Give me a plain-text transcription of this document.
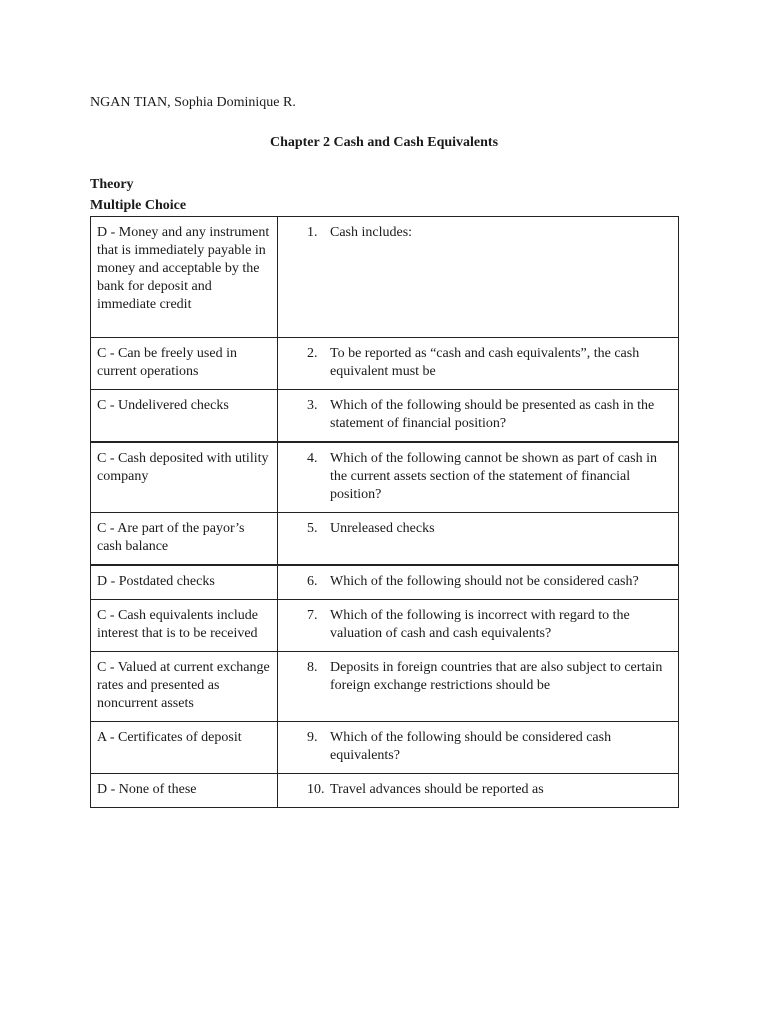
NGAN TIAN, Sophia Dominique R.
Chapter 2 Cash and Cash Equivalents
Theory
Multiple Choice
D - Money and any instrument that is immediately payable in money and acceptable by the bank for deposit and immediate credit	1. Cash includes:

C - Can be freely used in current operations	2. To be reported as “cash and cash equivalents”, the cash equivalent must be

C - Undelivered checks	3. Which of the following should be presented as cash in the statement of financial position?

C - Cash deposited with utility company	4. Which of the following cannot be shown as part of cash in the current assets section of the statement of financial position?

C - Are part of the payor’s cash balance	5. Unreleased checks

D - Postdated checks	6. Which of the following should not be considered cash?

C - Cash equivalents include interest that is to be received	7. Which of the following is incorrect with regard to the valuation of cash and cash equivalents?

C - Valued at current exchange rates and presented as noncurrent assets	8. Deposits in foreign countries that are also subject to certain foreign exchange restrictions should be

A - Certificates of deposit	9. Which of the following should be considered cash equivalents?

D - None of these	10. Travel advances should be reported as
